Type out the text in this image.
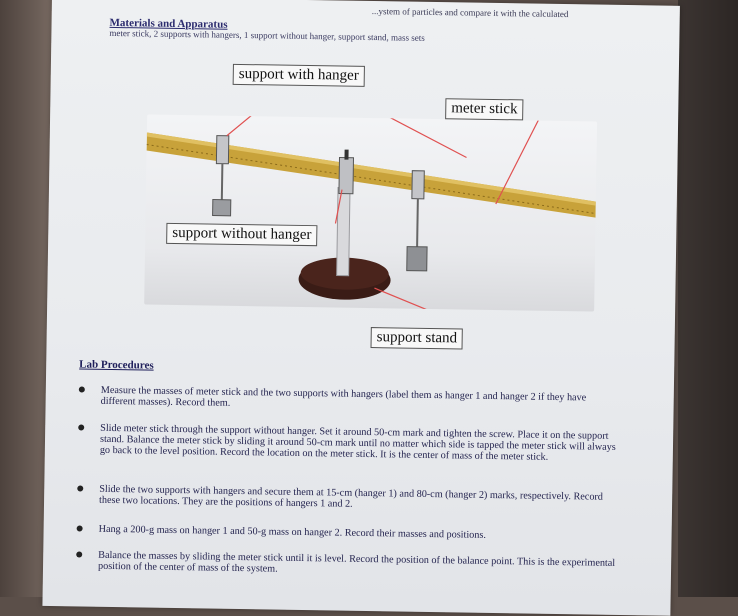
...ystem of particles and compare it with the calculated
Materials and Apparatus
meter stick, 2 supports with hangers, 1 support without hanger, support stand, mass sets
support with hanger
meter stick
support without hanger
support stand
Lab Procedures
Measure the masses of meter stick and the two supports with hangers (label them as hanger 1 and hanger 2 if they have different masses). Record them.
Slide meter stick through the support without hanger. Set it around 50-cm mark and tighten the screw. Place it on the support stand. Balance the meter stick by sliding it around 50-cm mark until no matter which side is tapped the meter stick will always go back to the level position. Record the location on the meter stick. It is the center of mass of the meter stick.
Slide the two supports with hangers and secure them at 15-cm (hanger 1) and 80-cm (hanger 2) marks, respectively. Record these two locations. They are the positions of hangers 1 and 2.
Hang a 200-g mass on hanger 1 and 50-g mass on hanger 2. Record their masses and positions.
Balance the masses by sliding the meter stick until it is level. Record the position of the balance point. This is the experimental position of the center of mass of the system.
